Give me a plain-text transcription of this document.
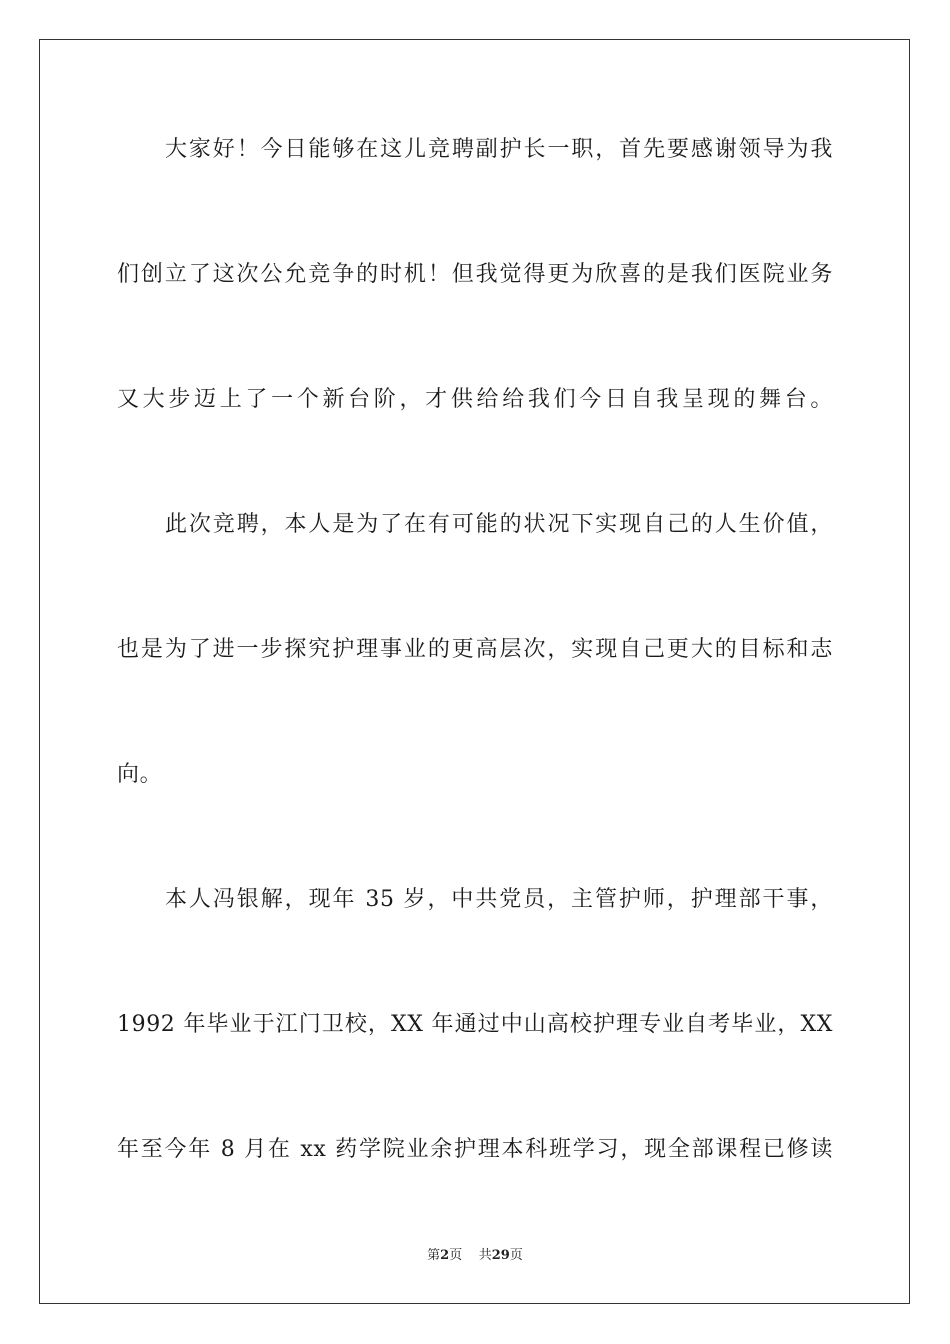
大家好！今日能够在这儿竞聘副护长一职，首先要感谢领导为我
们创立了这次公允竞争的时机！但我觉得更为欣喜的是我们医院业务
又大步迈上了一个新台阶，才供给给我们今日自我呈现的舞台。
此次竞聘，本人是为了在有可能的状况下实现自己的人生价值，
也是为了进一步探究护理事业的更高层次，实现自己更大的目标和志
向。
本人冯银解，现年 35 岁，中共党员，主管护师，护理部干事，
1992 年毕业于江门卫校，XX 年通过中山高校护理专业自考毕业，XX
年至今年 8 月在 xx 药学院业余护理本科班学习，现全部课程已修读
第2页 共29页
